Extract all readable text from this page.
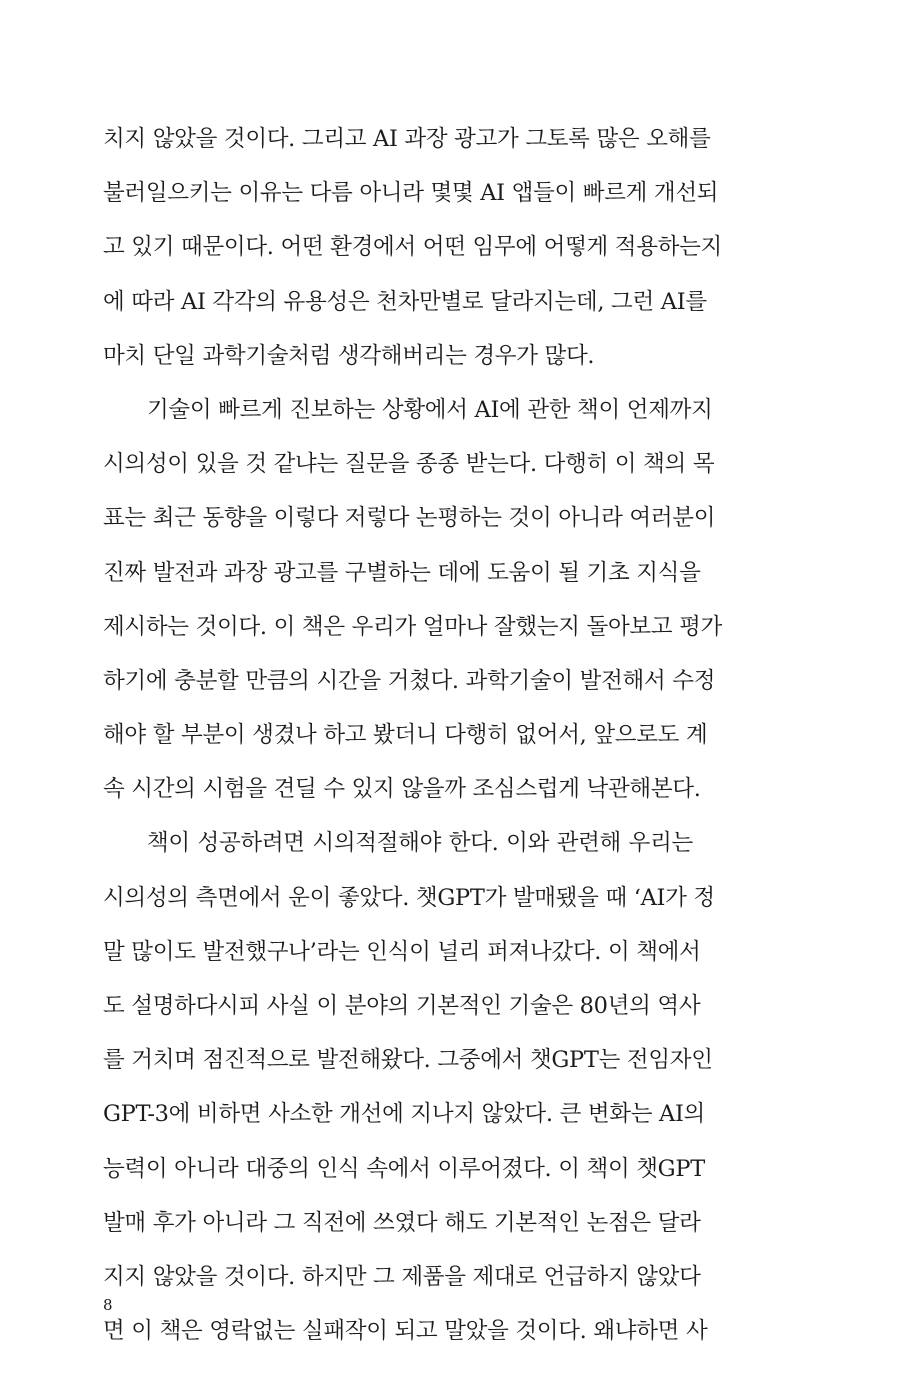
치지 않았을 것이다. 그리고 AI 과장 광고가 그토록 많은 오해를
불러일으키는 이유는 다름 아니라 몇몇 AI 앱들이 빠르게 개선되
고 있기 때문이다. 어떤 환경에서 어떤 임무에 어떻게 적용하는지
에 따라 AI 각각의 유용성은 천차만별로 달라지는데, 그런 AI를
마치 단일 과학기술처럼 생각해버리는 경우가 많다.
기술이 빠르게 진보하는 상황에서 AI에 관한 책이 언제까지
시의성이 있을 것 같냐는 질문을 종종 받는다. 다행히 이 책의 목
표는 최근 동향을 이렇다 저렇다 논평하는 것이 아니라 여러분이
진짜 발전과 과장 광고를 구별하는 데에 도움이 될 기초 지식을
제시하는 것이다. 이 책은 우리가 얼마나 잘했는지 돌아보고 평가
하기에 충분할 만큼의 시간을 거쳤다. 과학기술이 발전해서 수정
해야 할 부분이 생겼나 하고 봤더니 다행히 없어서, 앞으로도 계
속 시간의 시험을 견딜 수 있지 않을까 조심스럽게 낙관해본다.
책이 성공하려면 시의적절해야 한다. 이와 관련해 우리는
시의성의 측면에서 운이 좋았다. 챗GPT가 발매됐을 때 ‘AI가 정
말 많이도 발전했구나’라는 인식이 널리 퍼져나갔다. 이 책에서
도 설명하다시피 사실 이 분야의 기본적인 기술은 80년의 역사
를 거치며 점진적으로 발전해왔다. 그중에서 챗GPT는 전임자인
GPT-3에 비하면 사소한 개선에 지나지 않았다. 큰 변화는 AI의
능력이 아니라 대중의 인식 속에서 이루어졌다. 이 책이 챗GPT
발매 후가 아니라 그 직전에 쓰였다 해도 기본적인 논점은 달라
지지 않았을 것이다. 하지만 그 제품을 제대로 언급하지 않았다
면 이 책은 영락없는 실패작이 되고 말았을 것이다. 왜냐하면 사
8
